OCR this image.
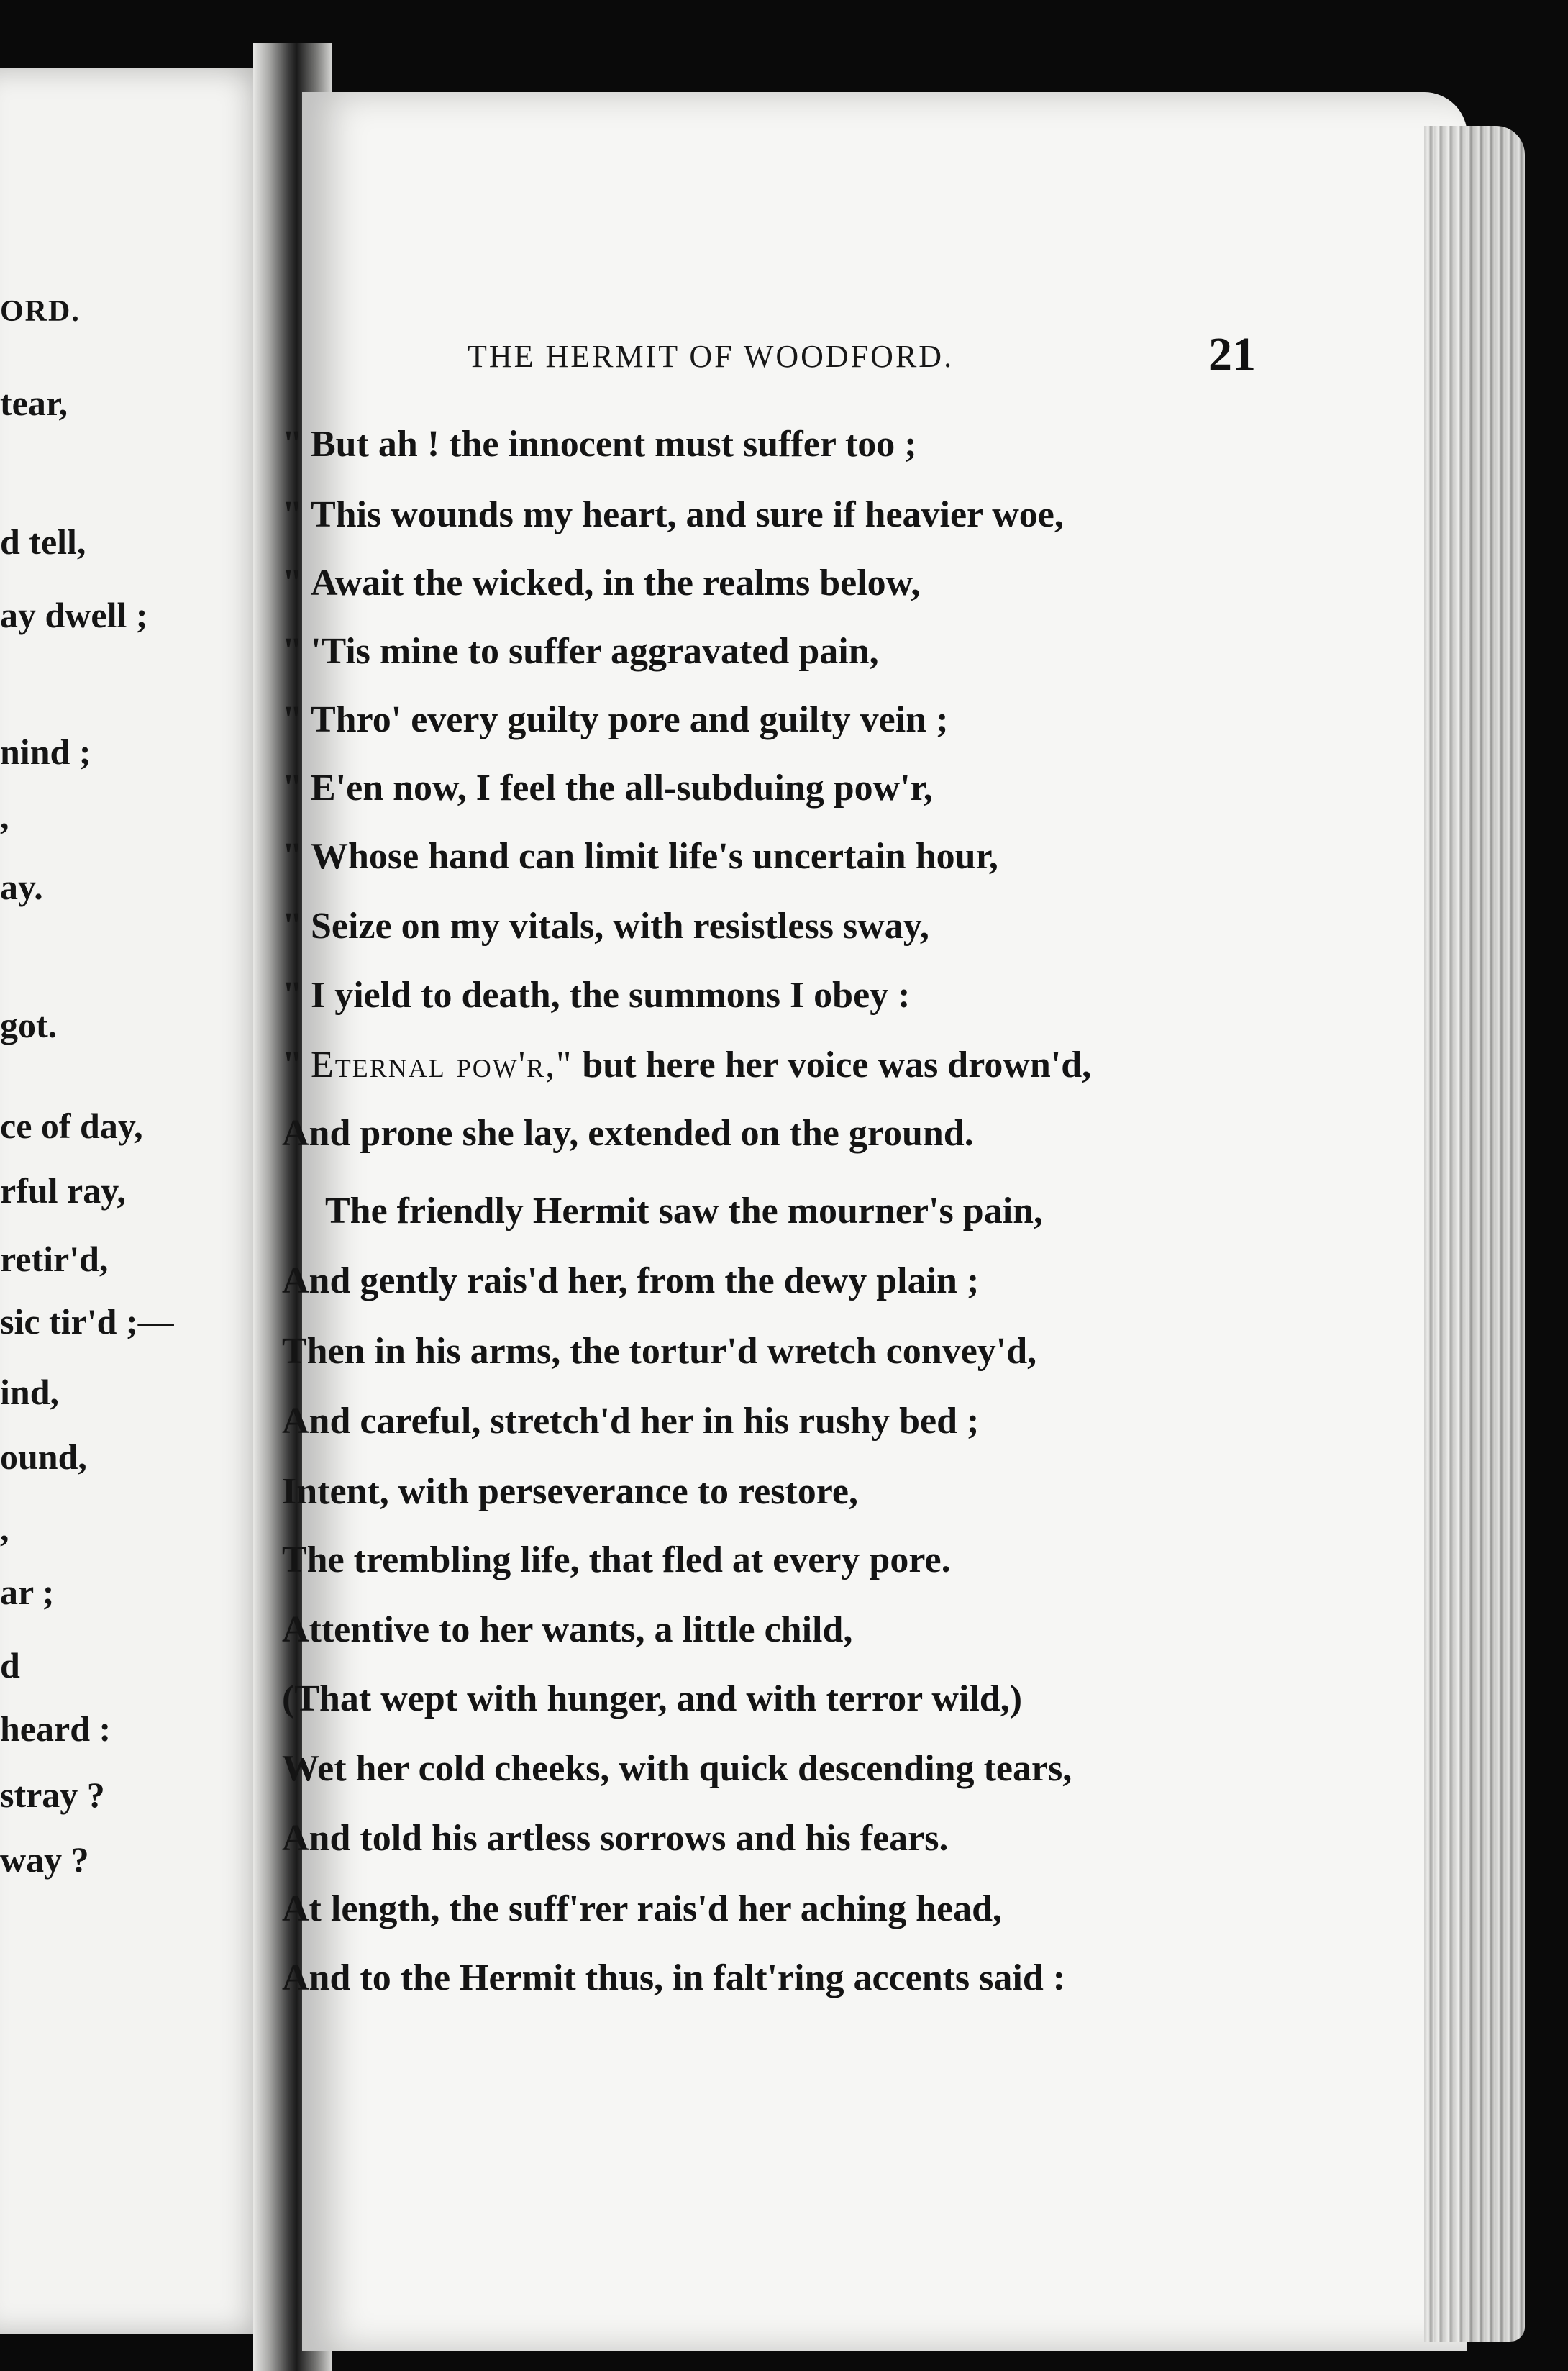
ORD.
tear,
d tell,
ay dwell ;
nind ;
,
ay.
got.
ce of day,
rful ray,
retir'd,
sic tir'd ;—
ind,
ound,
,
ar ;
d
heard :
stray ?
way ?
THE HERMIT OF WOODFORD.	21
" But ah ! the innocent must suffer too ;
" This wounds my heart, and sure if heavier woe,
" Await the wicked, in the realms below,
" 'Tis mine to suffer aggravated pain,
" Thro' every guilty pore and guilty vein ;
" E'en now, I feel the all-subduing pow'r,
" Whose hand can limit life's uncertain hour,
" Seize on my vitals, with resistless sway,
" I yield to death, the summons I obey :
" Eternal pow'r," but here her voice was drown'd,
And prone she lay, extended on the ground.
The friendly Hermit saw the mourner's pain,
And gently rais'd her, from the dewy plain ;
Then in his arms, the tortur'd wretch convey'd,
And careful, stretch'd her in his rushy bed ;
Intent, with perseverance to restore,
The trembling life, that fled at every pore.
Attentive to her wants, a little child,
(That wept with hunger, and with terror wild,)
Wet her cold cheeks, with quick descending tears,
And told his artless sorrows and his fears.
At length, the suff'rer rais'd her aching head,
And to the Hermit thus, in falt'ring accents said :
